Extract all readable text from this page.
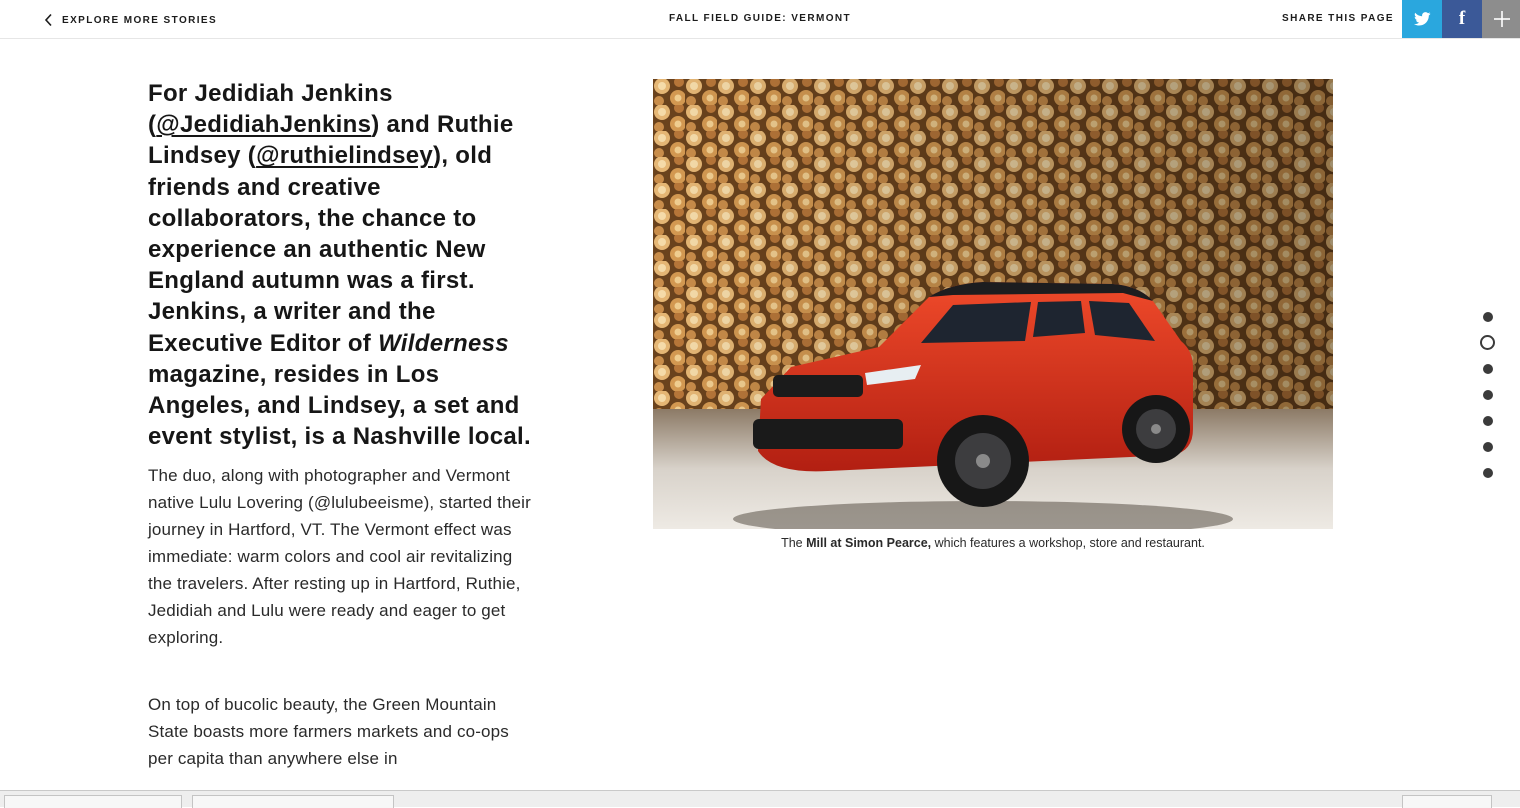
EXPLORE MORE STORIES	FALL FIELD GUIDE: VERMONT	SHARE THIS PAGE	f

For Jedidiah Jenkins (@JedidiahJenkins) and Ruthie Lindsey (@ruthielindsey), old friends and creative collaborators, the chance to experience an authentic New England autumn was a first. Jenkins, a writer and the Executive Editor of Wilderness magazine, resides in Los Angeles, and Lindsey, a set and event stylist, is a Nashville local.

The duo, along with photographer and Vermont native Lulu Lovering (@lulubeeisme), started their journey in Hartford, VT. The Vermont effect was immediate: warm colors and cool air revitalizing the travelers. After resting up in Hartford, Ruthie, Jedidiah and Lulu were ready and eager to get exploring.

On top of bucolic beauty, the Green Mountain State boasts more farmers markets and co-ops per capita than anywhere else in

The Mill at Simon Pearce, which features a workshop, store and restaurant.
